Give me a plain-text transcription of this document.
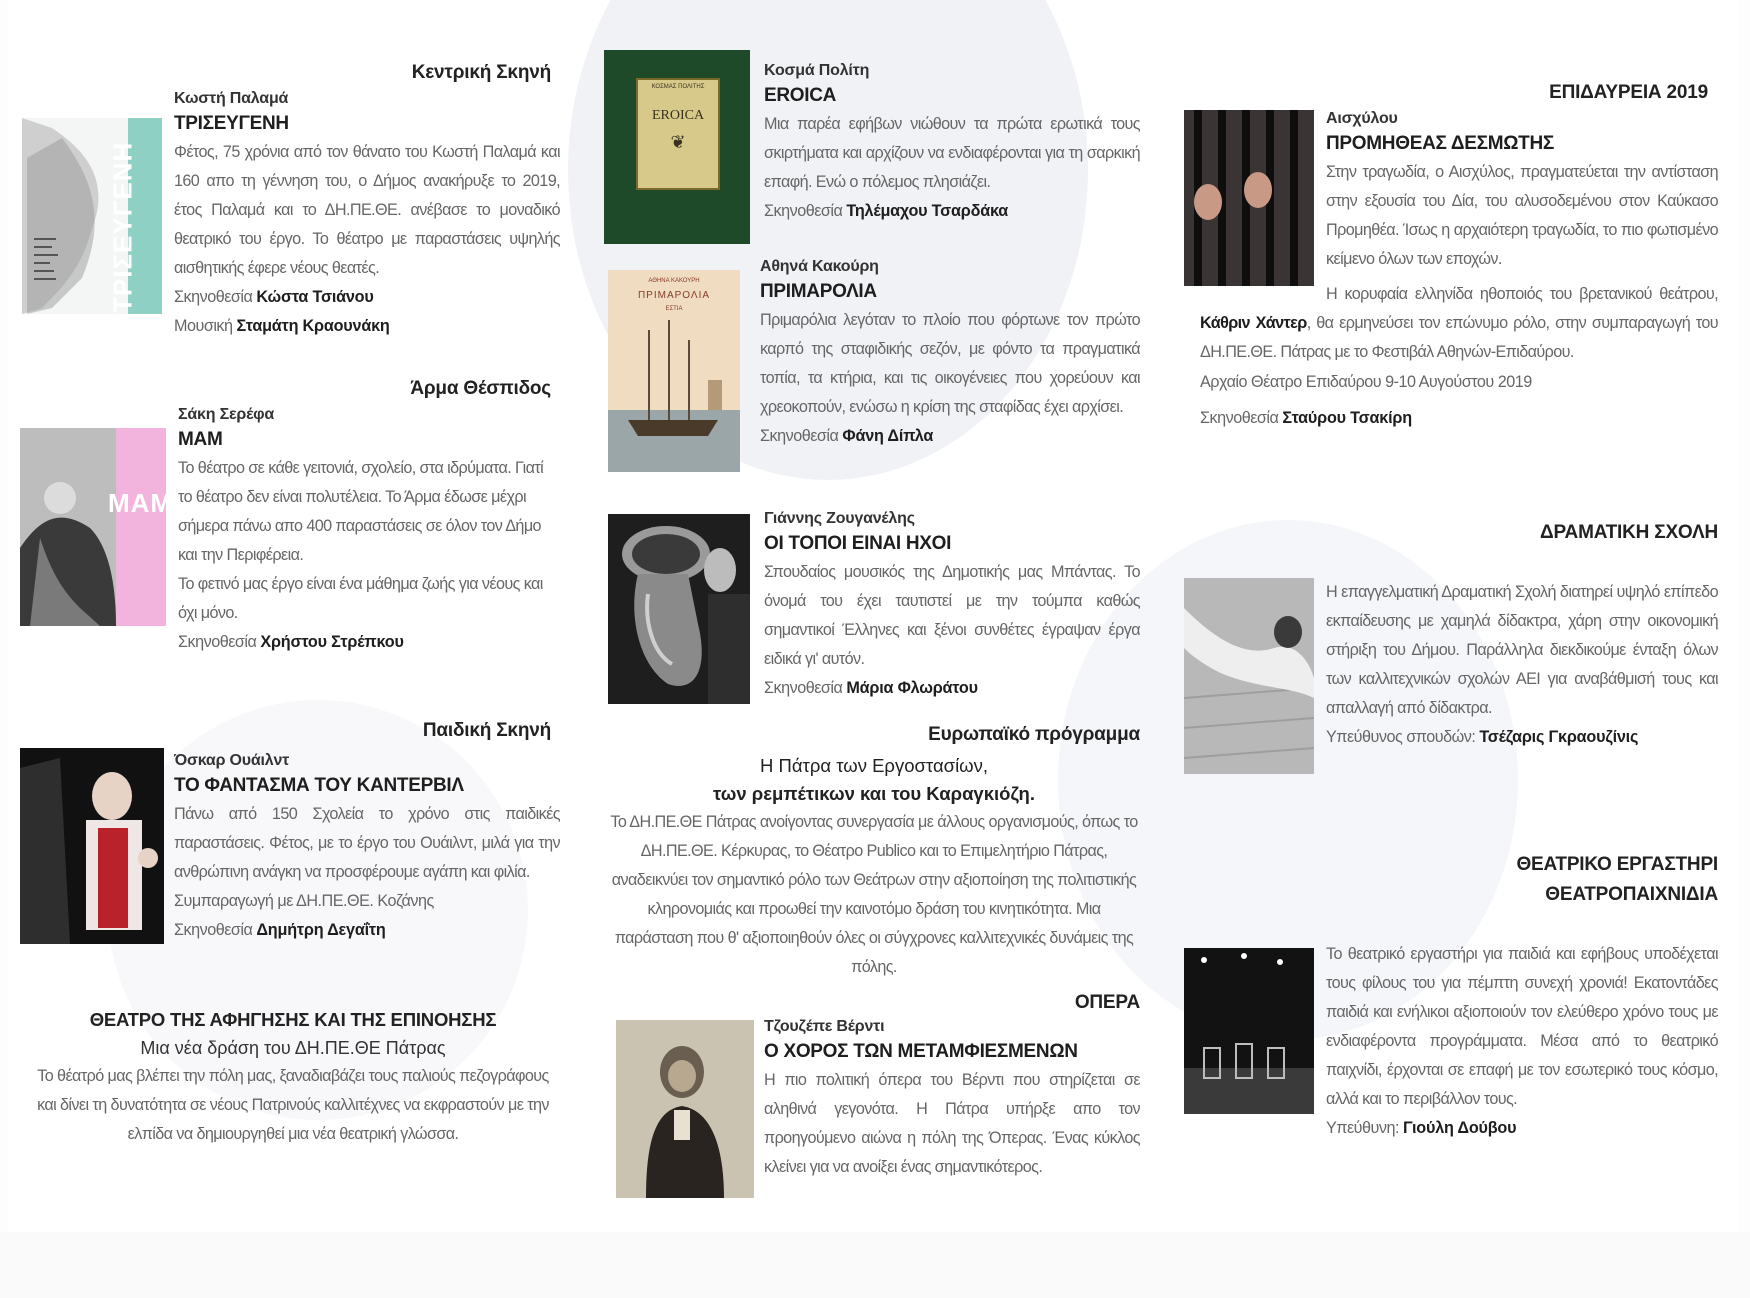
Κεντρική Σκηνή
ΤΡΙΣΕΥΓΕΝΗ
Κωστή Παλαμά
ΤΡΙΣΕΥΓΕΝΗ

Φέτος, 75 χρόνια από τον θάνατο του Κωστή Παλαμά και 160 απο τη γέννηση του, ο Δήμος ανακήρυξε το 2019, έτος Παλαμά και το ΔΗ.ΠΕ.ΘΕ. ανέβασε το μοναδικό θεατρικό του έργο. Το θέατρο με παραστάσεις υψηλής αισθητικής έφερε νέους θεατές.

Σκηνοθεσία Κώστα Τσιάνου
Μουσική Σταμάτη Κραουνάκη
Άρμα Θέσπιδος
ΜΑΜ
Σάκη Σερέφα
ΜΑΜ

Το θέατρο σε κάθε γειτονιά, σχολείο, στα ιδρύματα. Γιατί το θέατρο δεν είναι πολυτέλεια. Το Άρμα έδωσε μέχρι σήμερα πάνω απο 400 παραστάσεις σε όλον τον Δήμο και την Περιφέρεια.

Το φετινό μας έργο είναι ένα μάθημα ζωής για νέους και όχι μόνο.

Σκηνοθεσία Χρήστου Στρέπκου
Παιδική Σκηνή
Όσκαρ Ουάιλντ
ΤΟ ΦΑΝΤΑΣΜΑ ΤΟΥ ΚΑΝΤΕΡΒΙΛ

Πάνω από 150 Σχολεία το χρόνο στις παιδικές παραστάσεις. Φέτος, με το έργο του Ουάιλντ, μιλά για την ανθρώπινη ανάγκη να προσφέρουμε αγάπη και φιλία.

Συμπαραγωγή με ΔΗ.ΠΕ.ΘΕ. Κοζάνης
Σκηνοθεσία Δημήτρη Δεγαΐτη
ΘΕΑΤΡΟ ΤΗΣ ΑΦΗΓΗΣΗΣ ΚΑΙ ΤΗΣ ΕΠΙΝΟΗΣΗΣ
Μια νέα δράση του ΔΗ.ΠΕ.ΘΕ Πάτρας

Το θέατρό μας βλέπει την πόλη μας, ξαναδιαβάζει τους παλιούς πεζογράφους και δίνει τη δυνατότητα σε νέους Πατρινούς καλλιτέχνες να εκφραστούν με την ελπίδα να δημιουργηθεί μια νέα θεατρική γλώσσα.

ΚΟΣΜΑΣ ΠΟΛΙΤΗΣ
EROICA
❦
Κοσμά Πολίτη
EROICA

Μια παρέα εφήβων νιώθουν τα πρώτα ερωτικά τους σκιρτήματα και αρχίζουν να ενδιαφέρονται για τη σαρκική επαφή. Ενώ ο πόλεμος πλησιάζει.

Σκηνοθεσία Τηλέμαχου Τσαρδάκα
ΑΘΗΝΑ ΚΑΚΟΥΡΗ
ΠΡΙΜΑΡΟΛΙΑ
ΕΣΤΙΑ
Αθηνά Κακούρη
ΠΡΙΜΑΡΟΛΙΑ

Πριμαρόλια λεγόταν το πλοίο που φόρτωνε τον πρώτο καρπό της σταφιδικής σεζόν, με φόντο τα πραγματικά τοπία, τα κτήρια, και τις οικογένειες που χορεύουν και χρεοκοπούν, ενώσω η κρίση της σταφίδας έχει αρχίσει.

Σκηνοθεσία Φάνη Δίπλα
Γιάννης Ζουγανέλης
ΟΙ ΤΟΠΟΙ ΕΙΝΑΙ ΗΧΟΙ

Σπουδαίος μουσικός της Δημοτικής μας Μπάντας. Το όνομά του έχει ταυτιστεί με την τούμπα καθώς σημαντικοί Έλληνες και ξένοι συνθέτες έγραψαν έργα ειδικά γι' αυτόν.

Σκηνοθεσία Μάρια Φλωράτου
Ευρωπαϊκό πρόγραμμα
Η Πάτρα των Εργοστασίων,
των ρεμπέτικων και του Καραγκιόζη.

Το ΔΗ.ΠΕ.ΘΕ Πάτρας ανοίγοντας συνεργασία με άλλους οργανισμούς, όπως το ΔΗ.ΠΕ.ΘΕ. Κέρκυρας, το Θέατρο Publico και το Επιμελητήριο Πάτρας, αναδεικνύει τον σημαντικό ρόλο των Θεάτρων στην αξιοποίηση της πολιτιστικής κληρονομιάς και προωθεί την καινοτόμο δράση του κινητικότητα. Μια παράσταση που θ' αξιοποιηθούν όλες οι σύγχρονες καλλιτεχνικές δυνάμεις της πόλης.

ΟΠΕΡΑ
Τζουζέπε Βέρντι
Ο ΧΟΡΟΣ ΤΩΝ ΜΕΤΑΜΦΙΕΣΜΕΝΩΝ

Η πιο πολιτική όπερα του Βέρντι που στηρίζεται σε αληθινά γεγονότα. Η Πάτρα υπήρξε απο τον προηγούμενο αιώνα η πόλη της Όπερας. Ένας κύκλος κλείνει για να ανοίξει ένας σημαντικότερος.

ΕΠΙΔΑΥΡΕΙΑ 2019
Αισχύλου
ΠΡΟΜΗΘΕΑΣ ΔΕΣΜΩΤΗΣ

Στην τραγωδία, ο Αισχύλος, πραγματεύεται την αντίσταση στην εξουσία του Δία, του αλυσοδεμένου στον Καύκασο Προμηθέα. Ίσως η αρχαιότερη τραγωδία, το πιο φωτισμένο κείμενο όλων των εποχών.

Η κορυφαία ελληνίδα ηθοποιός του βρετανικού θεάτρου, Κάθριν Χάντερ, θα ερμηνεύσει τον επώνυμο ρόλο, στην συμπαραγωγή του ΔΗ.ΠΕ.ΘΕ. Πάτρας με το Φεστιβάλ Αθηνών-Επιδαύρου.

Αρχαίο Θέατρο Επιδαύρου 9-10 Αυγούστου 2019
Σκηνοθεσία Σταύρου Τσακίρη
ΔΡΑΜΑΤΙΚΗ ΣΧΟΛΗ

Η επαγγελματική Δραματική Σχολή διατηρεί υψηλό επίπεδο εκπαίδευσης με χαμηλά δίδακτρα, χάρη στην οικονομική στήριξη του Δήμου. Παράλληλα διεκδικούμε ένταξη όλων των καλλιτεχνικών σχολών ΑΕΙ για αναβάθμισή τους και απαλλαγή από δίδακτρα.

Υπεύθυνος σπουδών: Τσέζαρις Γκραουζίνις
ΘΕΑΤΡΙΚΟ ΕΡΓΑΣΤΗΡΙ
ΘΕΑΤΡΟΠΑΙΧΝΙΔΙΑ

Το θεατρικό εργαστήρι για παιδιά και εφήβους υποδέχεται τους φίλους του για πέμπτη συνεχή χρονιά! Εκατοντάδες παιδιά και ενήλικοι αξιοποιούν τον ελεύθερο χρόνο τους με ενδιαφέροντα προγράμματα. Μέσα από το θεατρικό παιχνίδι, έρχονται σε επαφή με τον εσωτερικό τους κόσμο, αλλά και το περιβάλλον τους.

Υπεύθυνη: Γιούλη Δούβου
